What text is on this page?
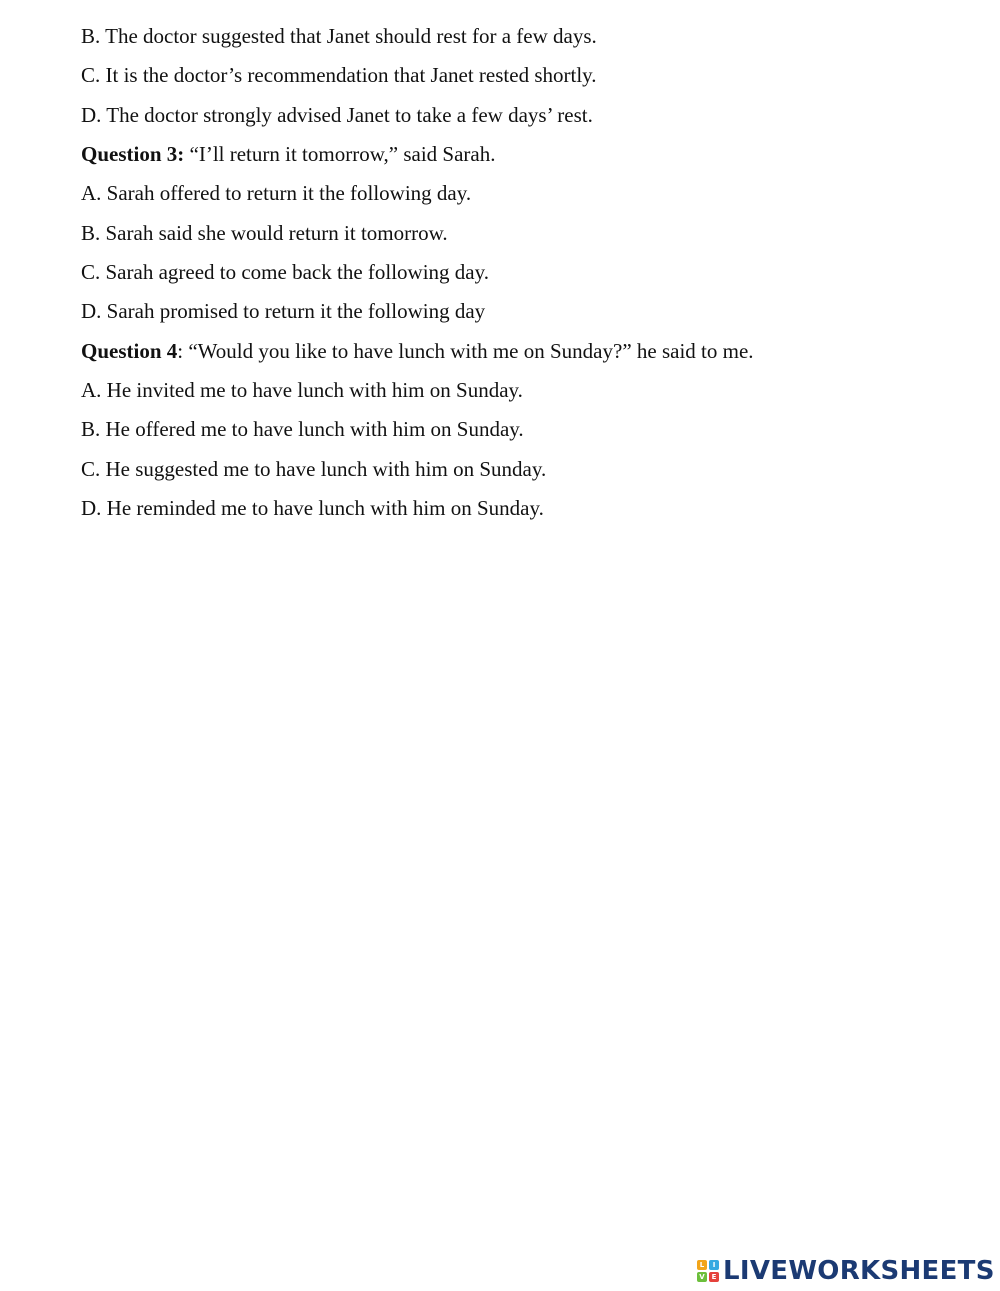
B. The doctor suggested that Janet should rest for a few days.
C. It is the doctor’s recommendation that Janet rested shortly.
D. The doctor strongly advised Janet to take a few days’ rest.
Question 3: “I’ll return it tomorrow,” said Sarah.
A. Sarah offered to return it the following day.
B. Sarah said she would return it tomorrow.
C. Sarah agreed to come back the following day.
D. Sarah promised to return it the following day
Question 4: “Would you like to have lunch with me on Sunday?” he said to me.
A. He invited me to have lunch with him on Sunday.
B. He offered me to have lunch with him on Sunday.
C. He suggested me to have lunch with him on Sunday.
D. He reminded me to have lunch with him on Sunday.
L	I
V E LIVEWORKSHEETS
